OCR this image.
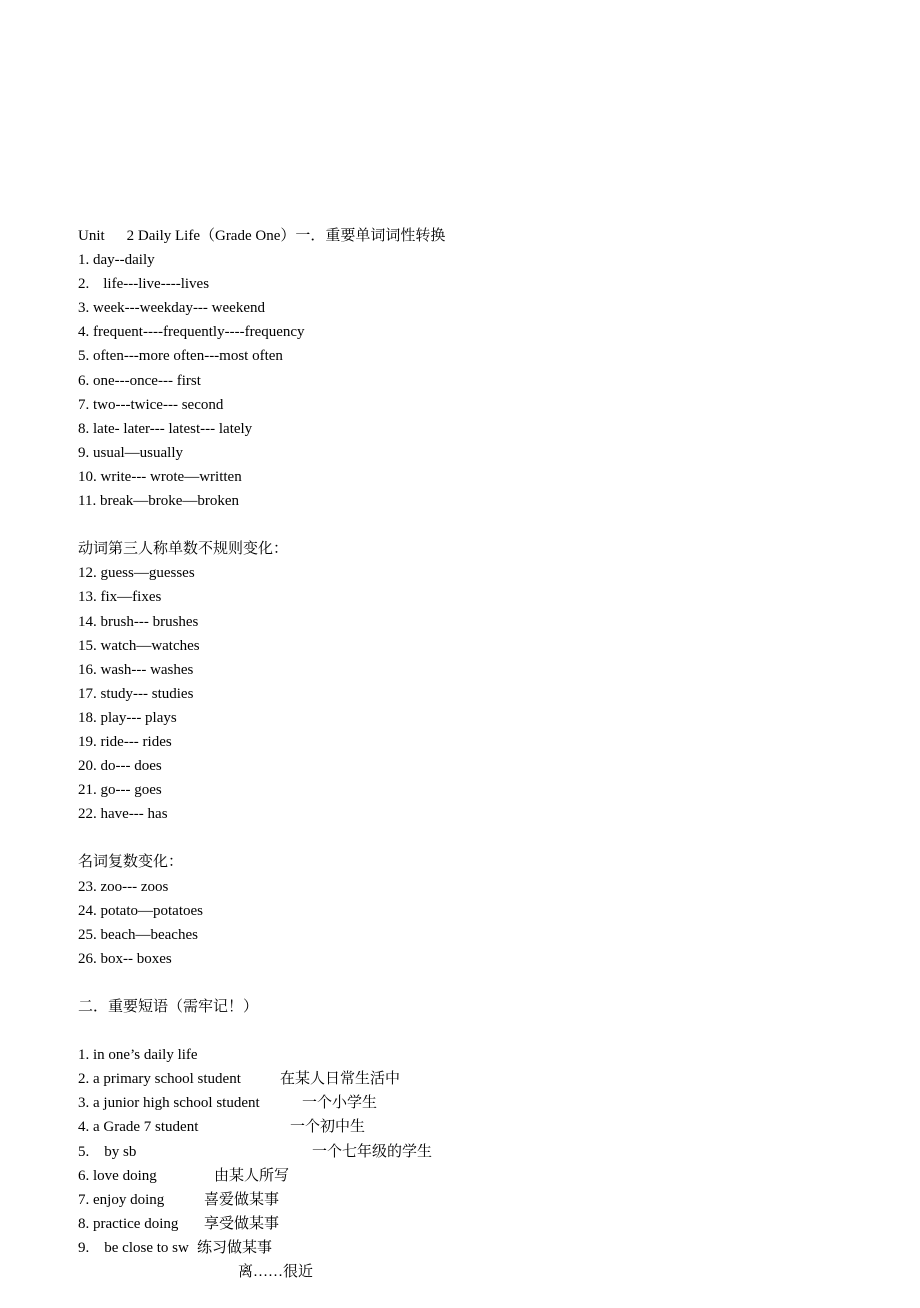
Unit 2 Daily Life（Grade One）一．重要单词词性转换
1. day--daily
2. life---live----lives
3. week---weekday--- weekend
4. frequent----frequently----frequency
5. often---more often---most often
6. one---once--- first
7. two---twice--- second
8. late- later--- latest--- lately
9. usual—usually
10. write--- wrote—written
11. break—broke—broken
动词第三人称单数不规则变化：
12. guess—guesses
13. fix—fixes
14. brush--- brushes
15. watch—watches
16. wash--- washes
17. study--- studies
18. play--- plays
19. ride--- rides
20. do--- does
21. go--- goes
22. have--- has
名词复数变化：
23. zoo--- zoos
24. potato—potatoes
25. beach—beaches
26. box-- boxes
二．重要短语（需牢记！）

1. in one’s daily life

在某人日常生活中

2. a primary school student

一个小学生

3. a junior high school student

一个初中生

4. a Grade 7 student

一个七年级的学生

5.    by sb

由某人所写

6. love doing

喜爱做某事

7. enjoy doing

享受做某事

8. practice doing

练习做某事

9.    be close to sw

离……很近
